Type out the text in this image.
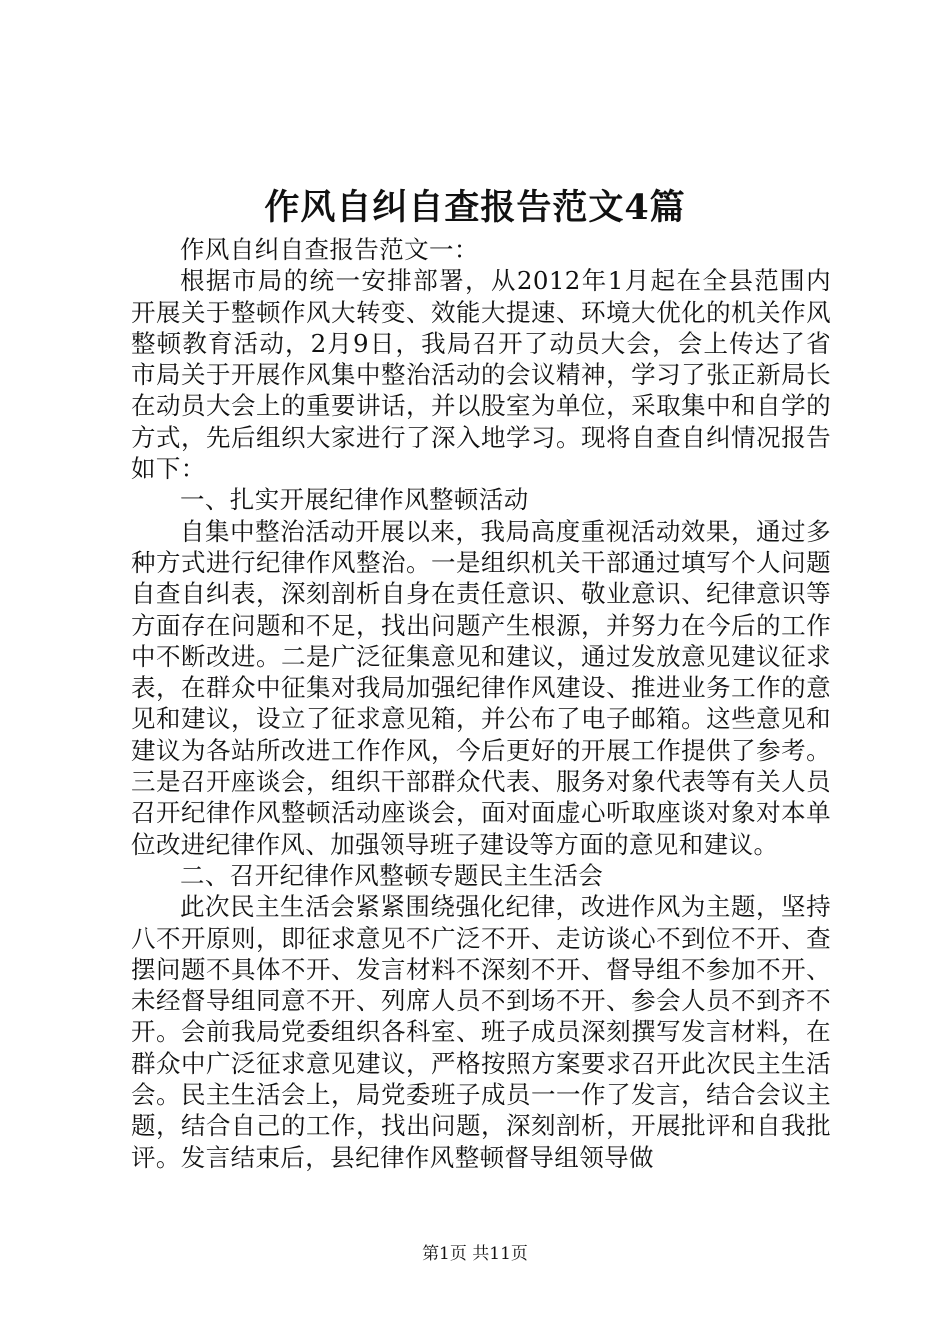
作风自纠自查报告范文4篇

作风自纠自查报告范文一：

根据市局的统一安排部署，从2012年1月起在全县范围内开展关于整顿作风大转变、效能大提速、环境大优化的机关作风整顿教育活动，2月9日，我局召开了动员大会，会上传达了省市局关于开展作风集中整治活动的会议精神，学习了张正新局长在动员大会上的重要讲话，并以股室为单位，采取集中和自学的方式，先后组织大家进行了深入地学习。现将自查自纠情况报告如下：

一、扎实开展纪律作风整顿活动

自集中整治活动开展以来，我局高度重视活动效果，通过多种方式进行纪律作风整治。一是组织机关干部通过填写个人问题自查自纠表，深刻剖析自身在责任意识、敬业意识、纪律意识等方面存在问题和不足，找出问题产生根源，并努力在今后的工作中不断改进。二是广泛征集意见和建议，通过发放意见建议征求表，在群众中征集对我局加强纪律作风建设、推进业务工作的意见和建议，设立了征求意见箱，并公布了电子邮箱。这些意见和建议为各站所改进工作作风，今后更好的开展工作提供了参考。三是召开座谈会，组织干部群众代表、服务对象代表等有关人员召开纪律作风整顿活动座谈会，面对面虚心听取座谈对象对本单位改进纪律作风、加强领导班子建设等方面的意见和建议。

二、召开纪律作风整顿专题民主生活会

此次民主生活会紧紧围绕强化纪律，改进作风为主题，坚持八不开原则，即征求意见不广泛不开、走访谈心不到位不开、查摆问题不具体不开、发言材料不深刻不开、督导组不参加不开、未经督导组同意不开、列席人员不到场不开、参会人员不到齐不开。会前我局党委组织各科室、班子成员深刻撰写发言材料，在群众中广泛征求意见建议，严格按照方案要求召开此次民主生活会。民主生活会上，局党委班子成员一一作了发言，结合会议主题，结合自己的工作，找出问题，深刻剖析，开展批评和自我批评。发言结束后，县纪律作风整顿督导组领导做

第1页 共11页
